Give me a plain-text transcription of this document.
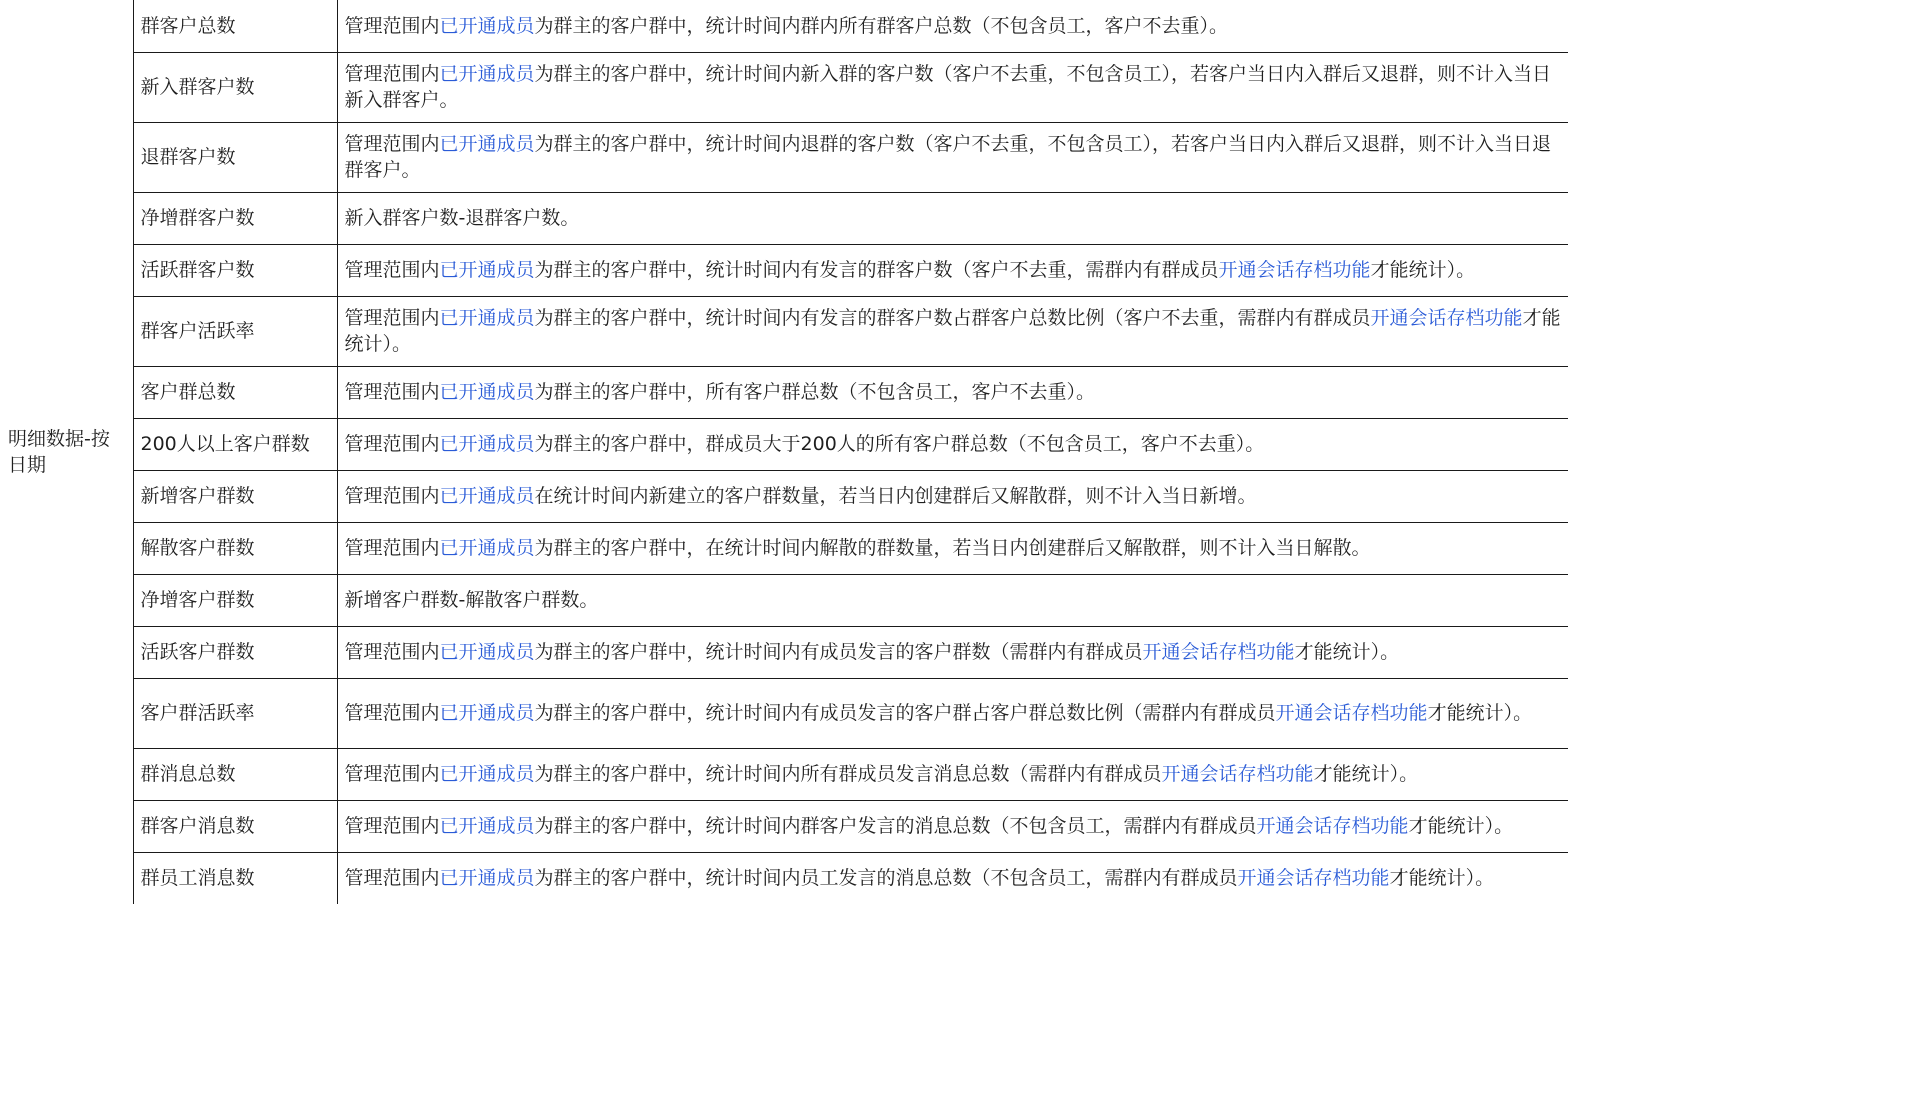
明细数据-按日期	群客户总数	管理范围内已开通成员为群主的客户群中，统计时间内群内所有群客户总数（不包含员工，客户不去重）。
	新入群客户数	管理范围内已开通成员为群主的客户群中，统计时间内新入群的客户数（客户不去重，不包含员工），若客户当日内入群后又退群，则不计入当日新入群客户。
	退群客户数	管理范围内已开通成员为群主的客户群中，统计时间内退群的客户数（客户不去重，不包含员工），若客户当日内入群后又退群，则不计入当日退群客户。
	净增群客户数	新入群客户数-退群客户数。
	活跃群客户数	管理范围内已开通成员为群主的客户群中，统计时间内有发言的群客户数（客户不去重，需群内有群成员开通会话存档功能才能统计）。
	群客户活跃率	管理范围内已开通成员为群主的客户群中，统计时间内有发言的群客户数占群客户总数比例（客户不去重，需群内有群成员开通会话存档功能才能统计）。
	客户群总数	管理范围内已开通成员为群主的客户群中，所有客户群总数（不包含员工，客户不去重）。
	200人以上客户群数	管理范围内已开通成员为群主的客户群中，群成员大于200人的所有客户群总数（不包含员工，客户不去重）。
	新增客户群数	管理范围内已开通成员在统计时间内新建立的客户群数量，若当日内创建群后又解散群，则不计入当日新增。
	解散客户群数	管理范围内已开通成员为群主的客户群中，在统计时间内解散的群数量，若当日内创建群后又解散群，则不计入当日解散。
	净增客户群数	新增客户群数-解散客户群数。
	活跃客户群数	管理范围内已开通成员为群主的客户群中，统计时间内有成员发言的客户群数（需群内有群成员开通会话存档功能才能统计）。
	客户群活跃率	管理范围内已开通成员为群主的客户群中，统计时间内有成员发言的客户群占客户群总数比例（需群内有群成员开通会话存档功能才能统计）。
	群消息总数	管理范围内已开通成员为群主的客户群中，统计时间内所有群成员发言消息总数（需群内有群成员开通会话存档功能才能统计）。
	群客户消息数	管理范围内已开通成员为群主的客户群中，统计时间内群客户发言的消息总数（不包含员工，需群内有群成员开通会话存档功能才能统计）。
	群员工消息数	管理范围内已开通成员为群主的客户群中，统计时间内员工发言的消息总数（不包含员工，需群内有群成员开通会话存档功能才能统计）。
